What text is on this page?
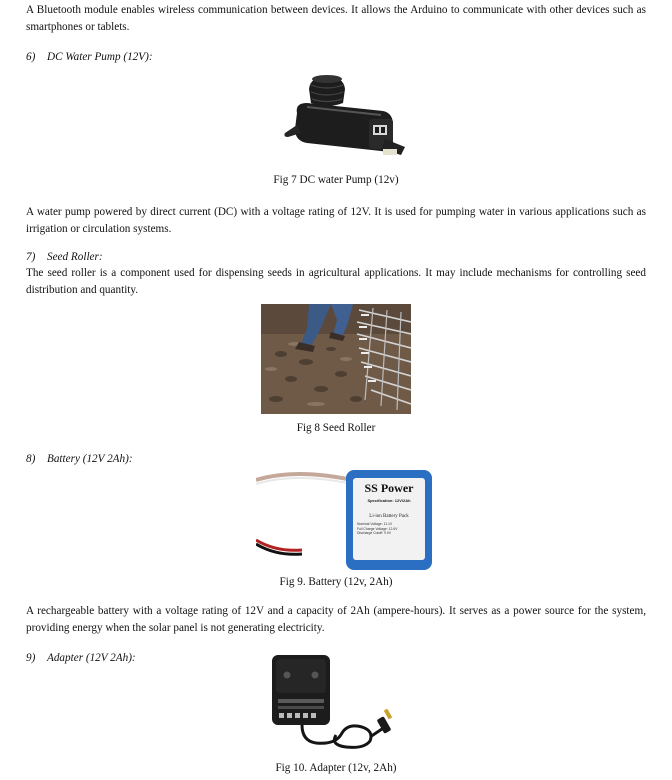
A Bluetooth module enables wireless communication between devices. It allows the Arduino to communicate with other devices such as smartphones or tablets.
6) DC Water Pump (12V):
Fig 7 DC water Pump (12v)
A water pump powered by direct current (DC) with a voltage rating of 12V. It is used for pumping water in various applications such as irrigation or circulation systems.
7) Seed Roller:
The seed roller is a component used for dispensing seeds in agricultural applications. It may include mechanisms for controlling seed distribution and quantity.
Fig 8 Seed Roller
8) Battery (12V 2Ah):
SS Power
Specification: 12V/2Ah
Li-ion Battery Pack
Nominal Voltage: 11.1V
Full Charge Voltage: 12.6V
Discharge Cutoff: 9.0V
Fig 9. Battery (12v, 2Ah)
A rechargeable battery with a voltage rating of 12V and a capacity of 2Ah (ampere-hours). It serves as a power source for the system, providing energy when the solar panel is not generating electricity.
9) Adapter (12V 2Ah):
Fig 10. Adapter (12v, 2Ah)
